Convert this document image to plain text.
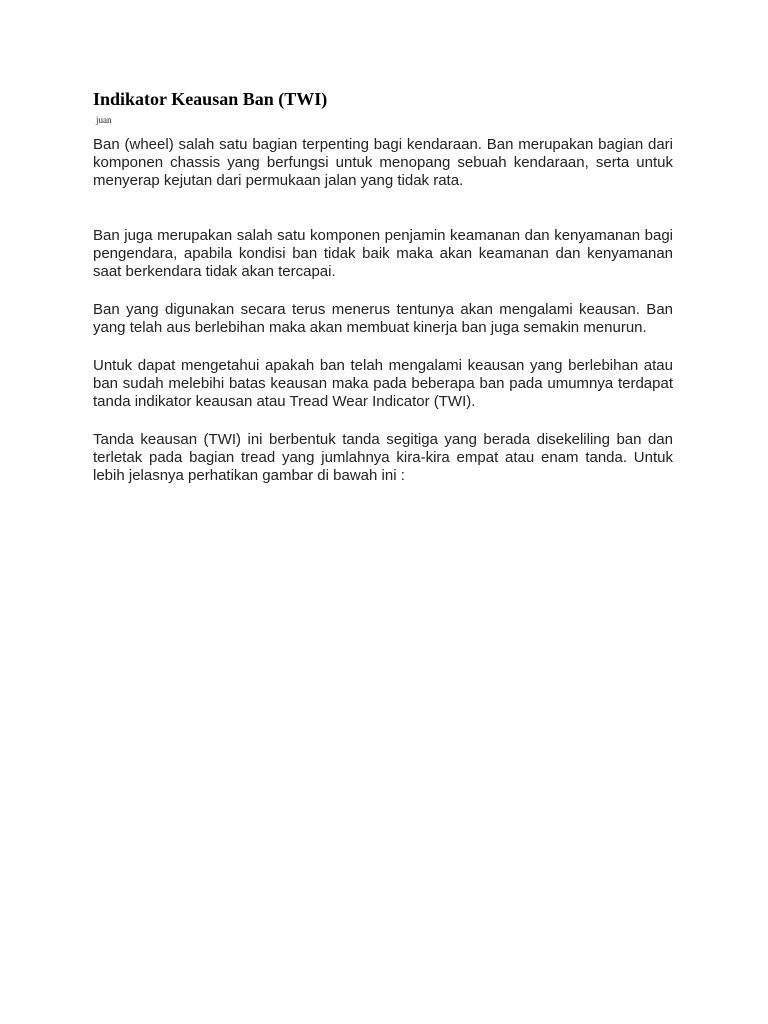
Indikator Keausan Ban (TWI)
juan

Ban (wheel) salah satu bagian terpenting bagi kendaraan. Ban merupakan bagian dari komponen chassis yang berfungsi untuk menopang sebuah kendaraan, serta untuk menyerap kejutan dari permukaan jalan yang tidak rata.

Ban juga merupakan salah satu komponen penjamin keamanan dan kenyamanan bagi pengendara, apabila kondisi ban tidak baik maka akan keamanan dan kenyamanan saat berkendara tidak akan tercapai.

Ban yang digunakan secara terus menerus tentunya akan mengalami keausan. Ban yang telah aus berlebihan maka akan membuat kinerja ban juga semakin menurun.

Untuk dapat mengetahui apakah ban telah mengalami keausan yang berlebihan atau ban sudah melebihi batas keausan maka pada beberapa ban pada umumnya terdapat tanda indikator keausan atau Tread Wear Indicator (TWI).

Tanda keausan (TWI) ini berbentuk tanda segitiga yang berada disekeliling ban dan terletak pada bagian tread yang jumlahnya kira-kira empat atau enam tanda. Untuk lebih jelasnya perhatikan gambar di bawah ini :
